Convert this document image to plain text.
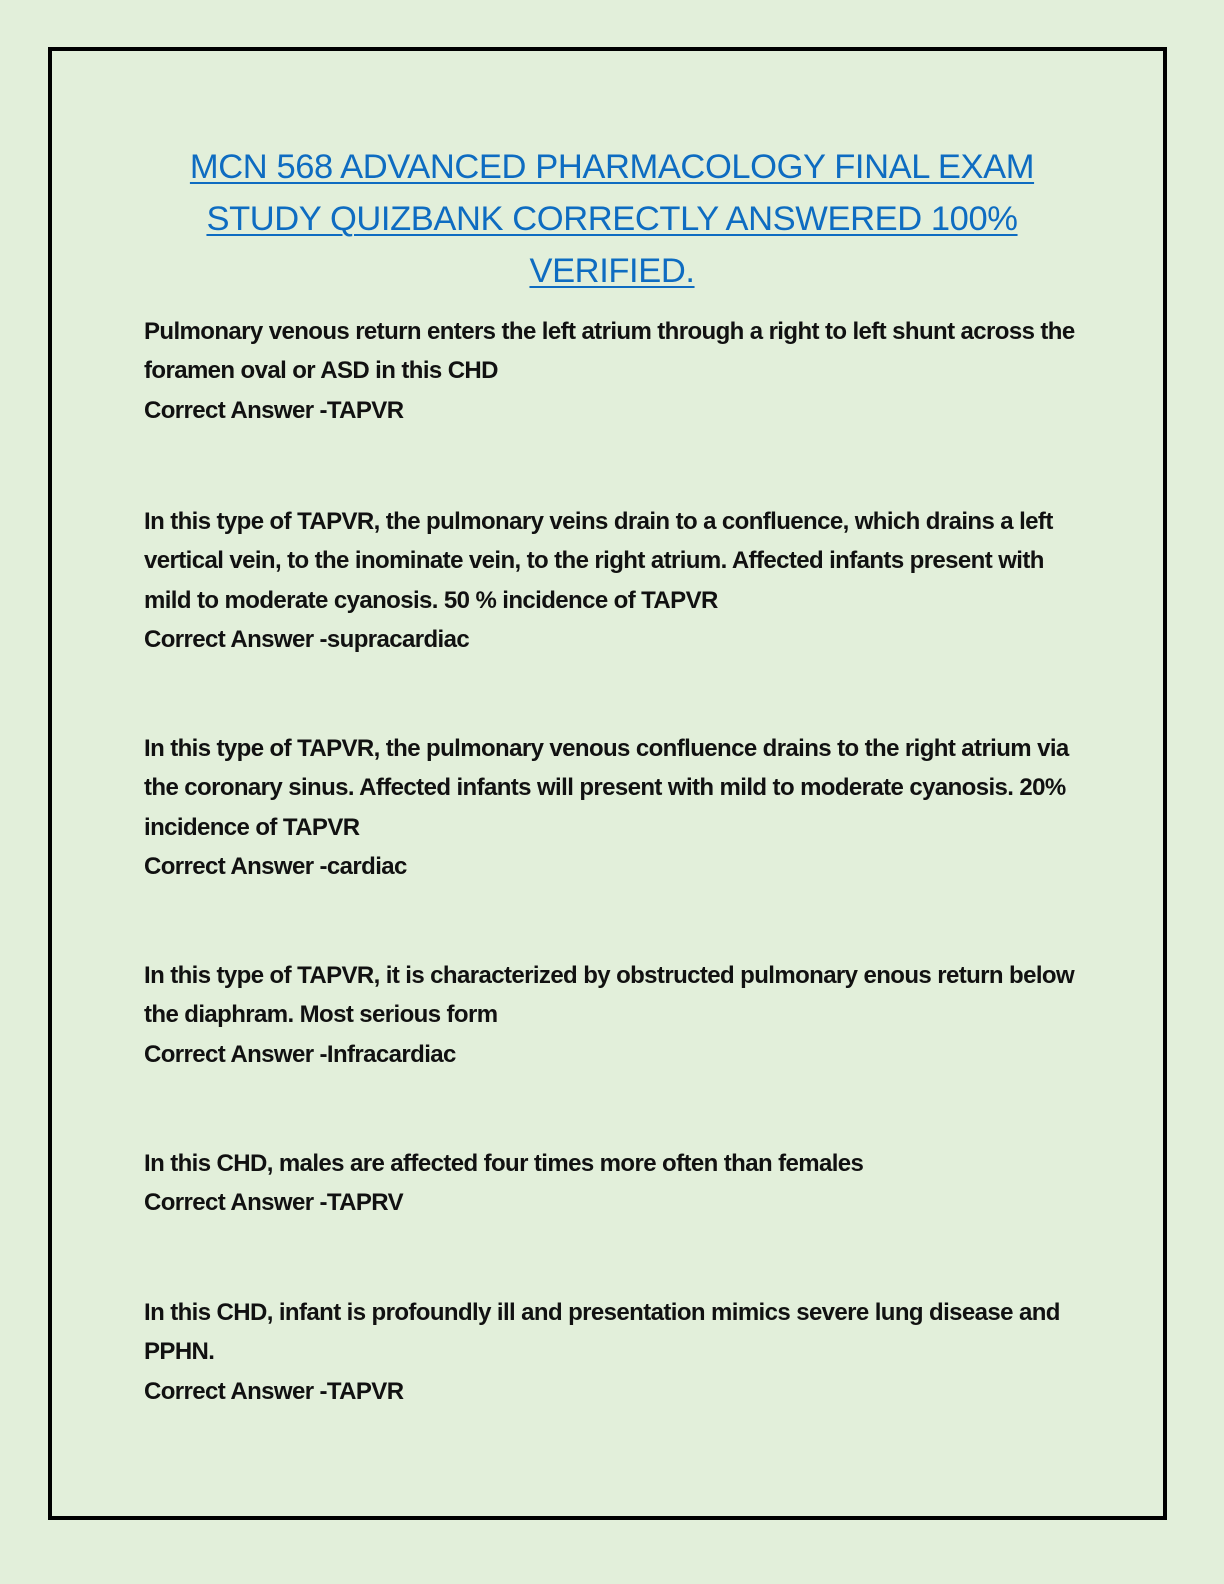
MCN 568 ADVANCED PHARMACOLOGY FINAL EXAM STUDY QUIZBANK CORRECTLY ANSWERED 100% VERIFIED.

Pulmonary venous return enters the left atrium through a right to left shunt across the foramen oval or ASD in this CHD

Correct Answer -TAPVR

In this type of TAPVR, the pulmonary veins drain to a confluence, which drains a left vertical vein, to the inominate vein, to the right atrium. Affected infants present with mild to moderate cyanosis. 50 % incidence of TAPVR

Correct Answer -supracardiac

In this type of TAPVR, the pulmonary venous confluence drains to the right atrium via the coronary sinus. Affected infants will present with mild to moderate cyanosis. 20% incidence of TAPVR

Correct Answer -cardiac

In this type of TAPVR, it is characterized by obstructed pulmonary enous return below the diaphram. Most serious form

Correct Answer -Infracardiac

In this CHD, males are affected four times more often than females

Correct Answer -TAPRV

In this CHD, infant is profoundly ill and presentation mimics severe lung disease and PPHN.

Correct Answer -TAPVR
